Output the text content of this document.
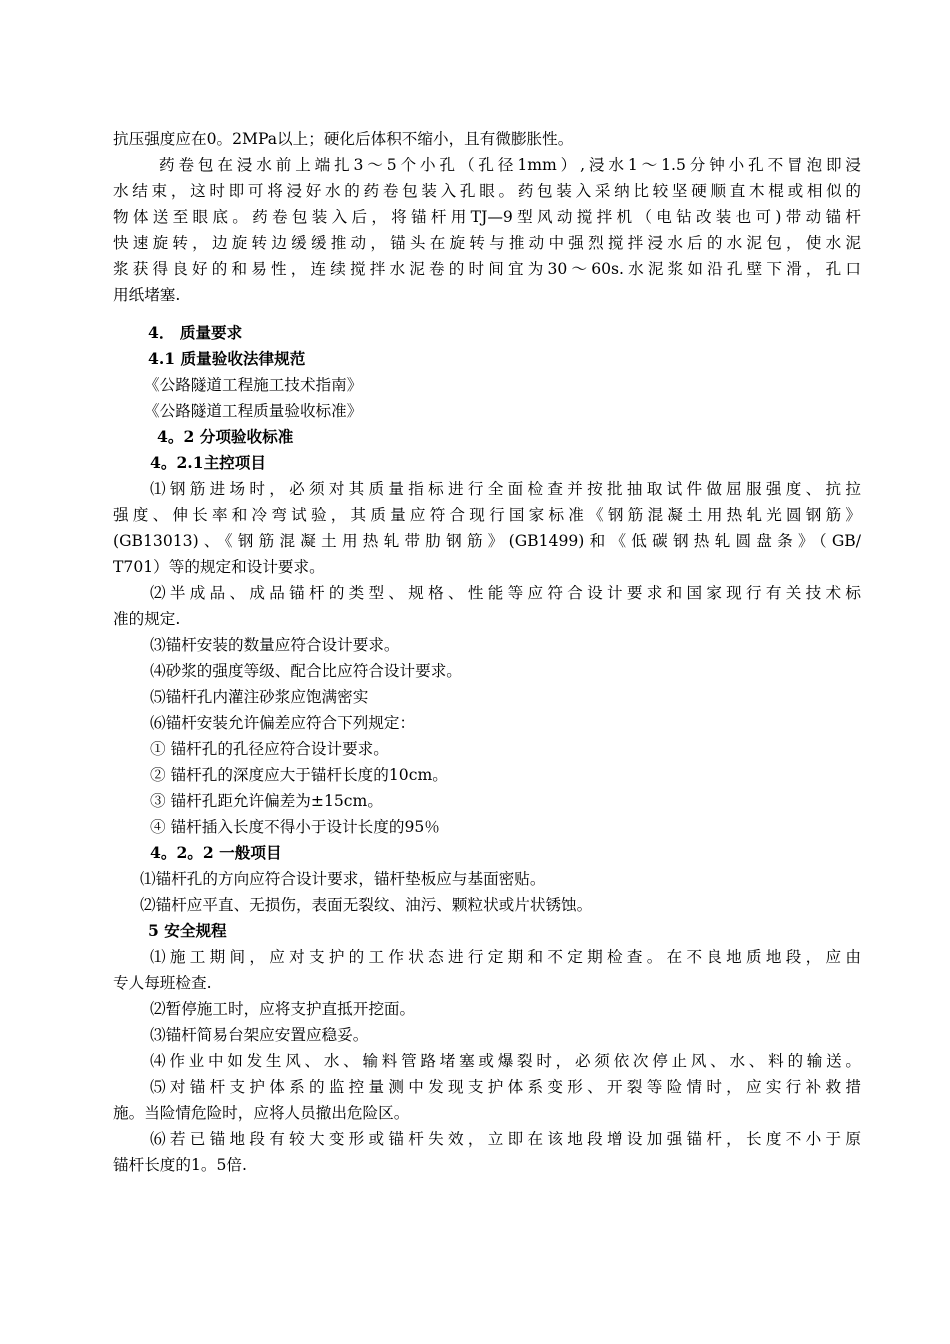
抗压强度应在0。2MPa以上；硬化后体积不缩小，且有微膨胀性。
药卷包在浸水前上端扎3～5个小孔（孔径1mm）,浸水1～1.5分钟小孔不冒泡即浸
水结束，这时即可将浸好水的药卷包装入孔眼。药包装入采纳比较坚硬顺直木棍或相似的
物体送至眼底。药卷包装入后，将锚杆用TJ—9型风动搅拌机（电钻改装也可)带动锚杆
快速旋转，边旋转边缓缓推动，锚头在旋转与推动中强烈搅拌浸水后的水泥包，使水泥
浆获得良好的和易性，连续搅拌水泥卷的时间宜为30～60s.水泥浆如沿孔壁下滑，孔口
用纸堵塞.
4． 质量要求
4.1 质量验收法律规范
《公路隧道工程施工技术指南》
《公路隧道工程质量验收标准》
4。2 分项验收标准
4。2.1主控项目
⑴钢筋进场时，必须对其质量指标进行全面检查并按批抽取试件做屈服强度、抗拉
强度、伸长率和冷弯试验，其质量应符合现行国家标准《钢筋混凝土用热轧光圆钢筋》
(GB13013)、《钢筋混凝土用热轧带肋钢筋》(GB1499)和《低碳钢热轧圆盘条》（GB/
T701）等的规定和设计要求。
⑵半成品、成品锚杆的类型、规格、性能等应符合设计要求和国家现行有关技术标
准的规定.
⑶锚杆安装的数量应符合设计要求。
⑷砂浆的强度等级、配合比应符合设计要求。
⑸锚杆孔内灌注砂浆应饱满密实
⑹锚杆安装允许偏差应符合下列规定：
① 锚杆孔的孔径应符合设计要求。
② 锚杆孔的深度应大于锚杆长度的10cm。
③ 锚杆孔距允许偏差为±15cm。
④ 锚杆插入长度不得小于设计长度的95％
4。2。2 一般项目
⑴锚杆孔的方向应符合设计要求，锚杆垫板应与基面密贴。
⑵锚杆应平直、无损伤，表面无裂纹、油污、颗粒状或片状锈蚀。
5 安全规程
⑴施工期间，应对支护的工作状态进行定期和不定期检查。在不良地质地段，应由
专人每班检查.
⑵暂停施工时，应将支护直抵开挖面。
⑶锚杆简易台架应安置应稳妥。
⑷作业中如发生风、水、输料管路堵塞或爆裂时，必须依次停止风、水、料的输送。
⑸对锚杆支护体系的监控量测中发现支护体系变形、开裂等险情时，应实行补救措
施。当险情危险时，应将人员撤出危险区。
⑹若已锚地段有较大变形或锚杆失效，立即在该地段增设加强锚杆，长度不小于原
锚杆长度的1。5倍.
